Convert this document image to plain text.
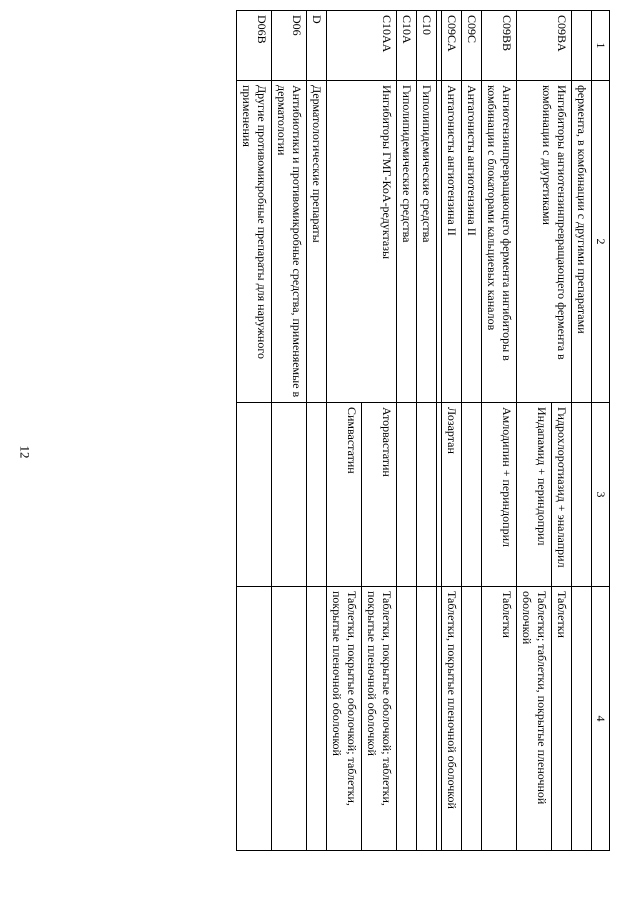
12
1	2	3	4
	фермента, в комбинации с другими препаратами		
C09BA	Ингибиторы ангиотензинпревращающего фермента в комбинации с диуретиками	Гидрохлоротиазид + эналаприл	Таблетки
		Индапамид + периндоприл	Таблетки; таблетки, покрытые пленочной оболочкой
C09BB	Ангиотензинпревращающего фермента ингибиторы в комбинации с блокаторами кальциевых каналов	Амлодипин + периндоприл	Таблетки
C09C	Антагонисты ангиотензина II		
C09CA	Антагонисты ангиотензина II	Лозартан	Таблетки, покрытые пленочной оболочкой

C10	Гиполипидемические средства		
C10A	Гиполипидемические средства		
C10AA	Ингибиторы ГМГ-КоА-редуктазы	Аторвастатин	Таблетки, покрытые оболочкой; таблетки, покрытые пленочной оболочкой
		Симвастатин	Таблетки, покрытые оболочкой; таблетки, покрытые пленочной оболочкой
D	Дерматологические препараты		
D06	Антибиотики и противомикробные средства, применяемые в дерматологии		
D06B	Другие противомикробные препараты для наружного применения		
